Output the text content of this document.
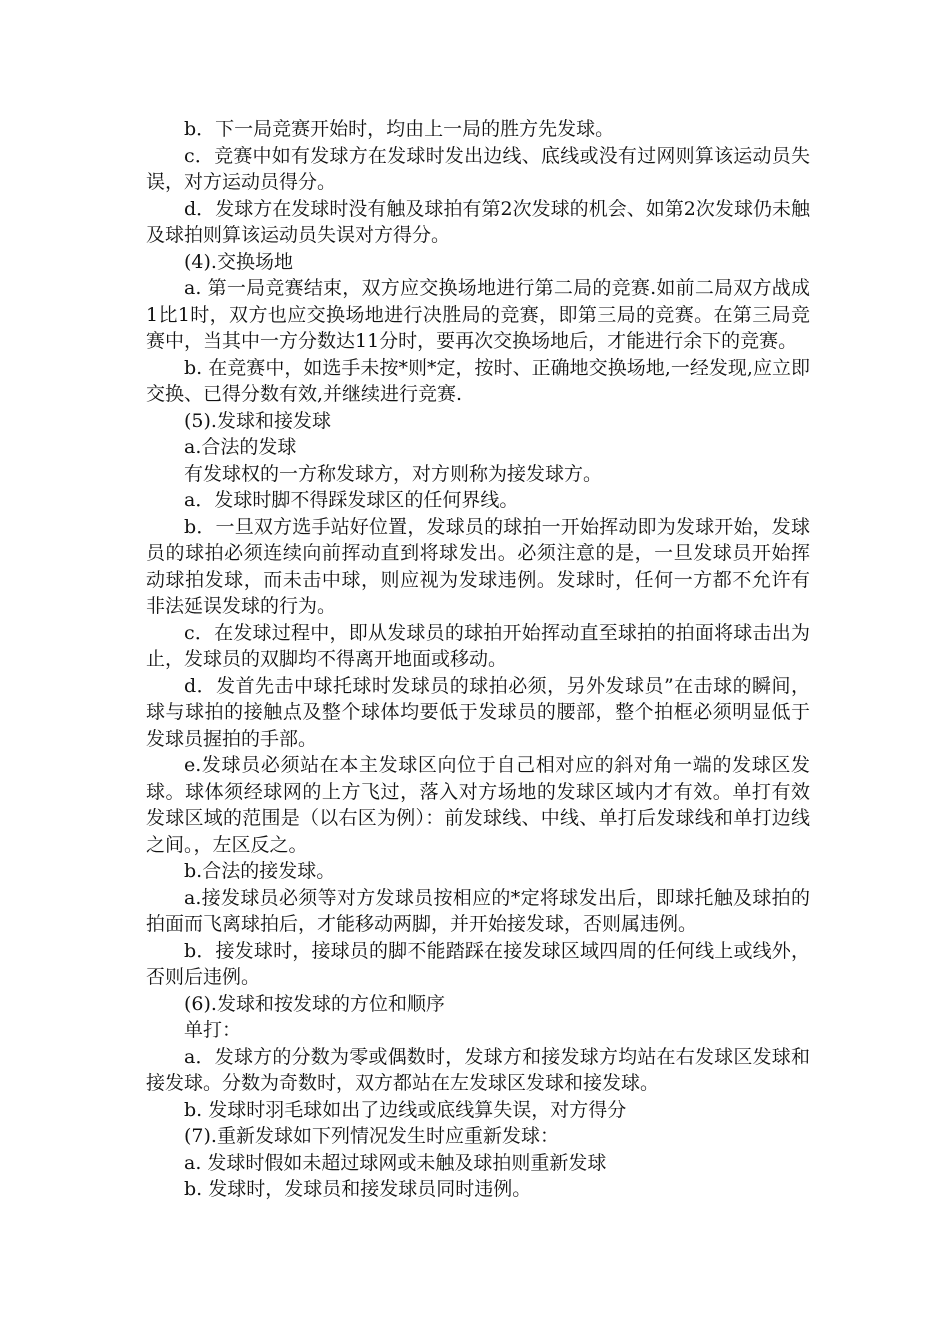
b．下一局竞赛开始时，均由上一局的胜方先发球。

c．竞赛中如有发球方在发球时发出边线、底线或没有过网则算该运动员失误，对方运动员得分。

d．发球方在发球时没有触及球拍有第2次发球的机会、如第2次发球仍未触及球拍则算该运动员失误对方得分。

(4).交换场地

a. 第一局竞赛结束，双方应交换场地进行第二局的竞赛.如前二局双方战成1比1时，双方也应交换场地进行决胜局的竞赛，即第三局的竞赛。在第三局竞赛中，当其中一方分数达11分时，要再次交换场地后，才能进行余下的竞赛。

b. 在竞赛中，如选手未按*则*定，按时、正确地交换场地,一经发现,应立即交换、已得分数有效,并继续进行竞赛.

(5).发球和接发球

a.合法的发球

有发球权的一方称发球方，对方则称为接发球方。

a．发球时脚不得踩发球区的任何界线。

b．一旦双方选手站好位置，发球员的球拍一开始挥动即为发球开始，发球员的球拍必须连续向前挥动直到将球发出。必须注意的是，一旦发球员开始挥动球拍发球，而未击中球，则应视为发球违例。发球时，任何一方都不允许有非法延误发球的行为。

c．在发球过程中，即从发球员的球拍开始挥动直至球拍的拍面将球击出为止，发球员的双脚均不得离开地面或移动。

d．发首先击中球托球时发球员的球拍必须，另外发球员”在击球的瞬间，球与球拍的接触点及整个球体均要低于发球员的腰部，整个拍框必须明显低于发球员握拍的手部。

e.发球员必须站在本主发球区向位于自己相对应的斜对角一端的发球区发球。球体须经球网的上方飞过，落入对方场地的发球区域内才有效。单打有效发球区域的范围是（以右区为例）：前发球线、中线、单打后发球线和单打边线之间。，左区反之。

b.合法的接发球。

a.接发球员必须等对方发球员按相应的*定将球发出后，即球托触及球拍的拍面而飞离球拍后，才能移动两脚，并开始接发球，否则属违例。

b．接发球时，接球员的脚不能踏踩在接发球区域四周的任何线上或线外，否则后违例。

(6).发球和按发球的方位和顺序

单打：

a．发球方的分数为零或偶数时，发球方和接发球方均站在右发球区发球和接发球。分数为奇数时，双方都站在左发球区发球和接发球。

b. 发球时羽毛球如出了边线或底线算失误，对方得分

(7).重新发球如下列情况发生时应重新发球：

a. 发球时假如未超过球网或未触及球拍则重新发球

b. 发球时，发球员和接发球员同时违例。
